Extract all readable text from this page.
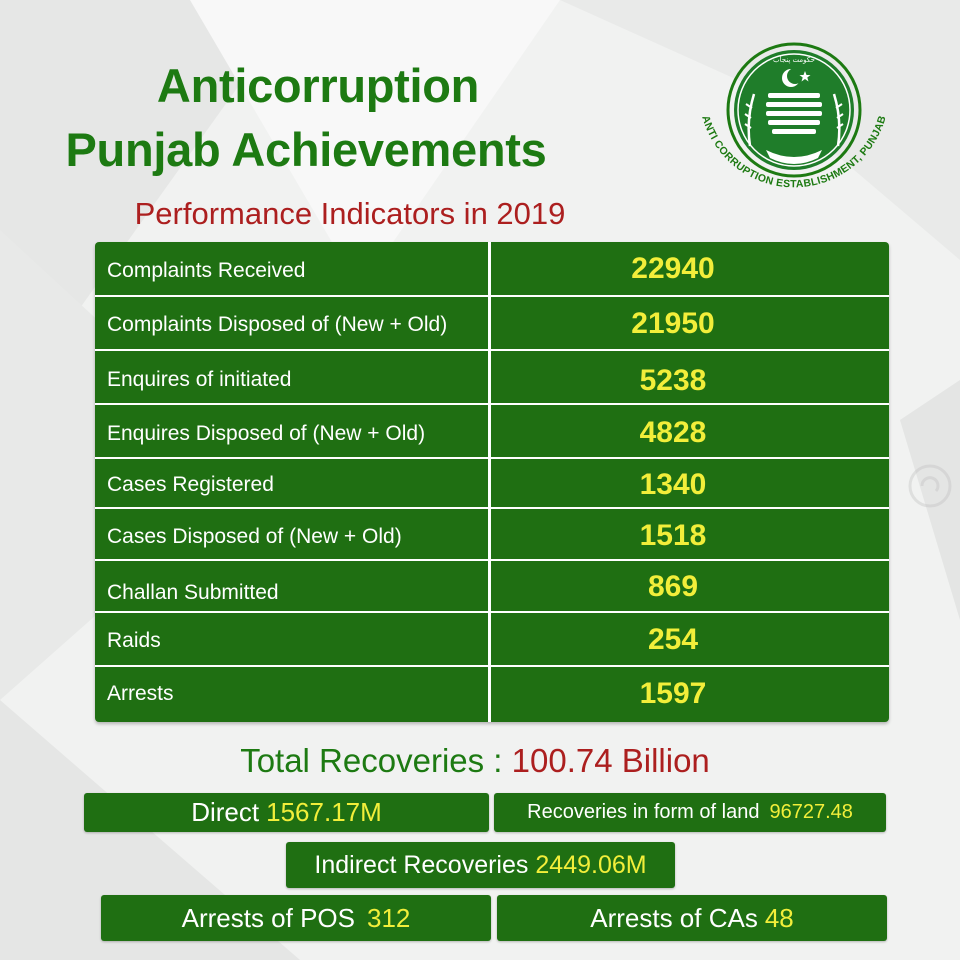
Anticorruption
Punjab Achievements
Performance Indicators in 2019
ﺣﮑﻮﻣﺖ ﭘﻨﺠﺎﺏ
ANTI CORRUPTION ESTABLISHMENT, PUNJAB
Complaints Received	22940
Complaints Disposed of (New + Old)	21950
Enquires of initiated	5238
Enquires Disposed of (New + Old)	4828
Cases Registered	1340
Cases Disposed of (New + Old)	1518
Challan Submitted	869
Raids	254
Arrests	1597
Total Recoveries : 100.74 Billion
Direct 1567.17M	Recoveries in form of land 96727.48
Indirect Recoveries 2449.06M
Arrests of POS 312	Arrests of CAs 48
